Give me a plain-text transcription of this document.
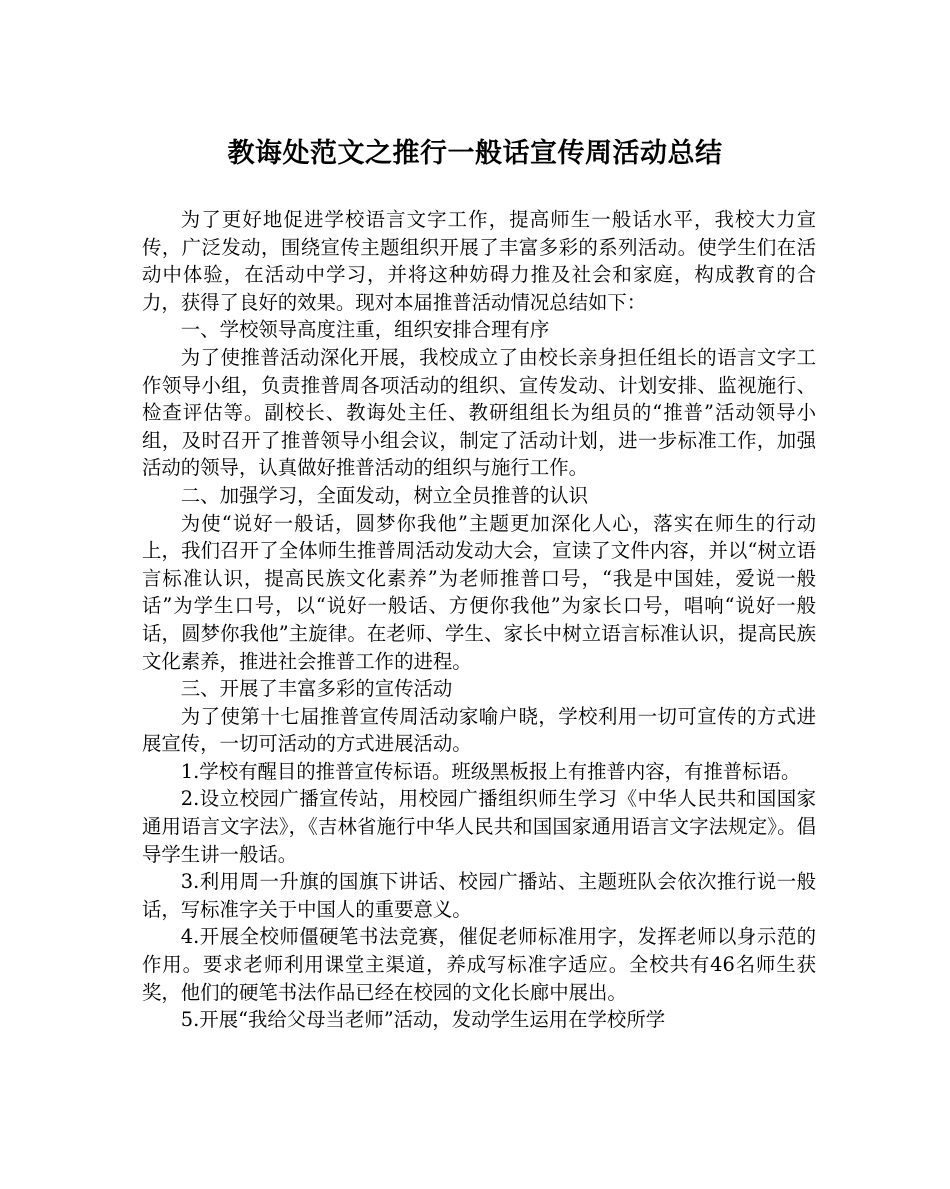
教诲处范文之推行一般话宣传周活动总结

为了更好地促进学校语言文字工作，提高师生一般话水平，我校大力宣传，广泛发动，围绕宣传主题组织开展了丰富多彩的系列活动。使学生们在活动中体验，在活动中学习，并将这种妨碍力推及社会和家庭，构成教育的合力，获得了良好的效果。现对本届推普活动情况总结如下：

一、学校领导高度注重，组织安排合理有序

为了使推普活动深化开展，我校成立了由校长亲身担任组长的语言文字工作领导小组，负责推普周各项活动的组织、宣传发动、计划安排、监视施行、检查评估等。副校长、教诲处主任、教研组组长为组员的“推普”活动领导小组，及时召开了推普领导小组会议，制定了活动计划，进一步标准工作，加强活动的领导，认真做好推普活动的组织与施行工作。

二、加强学习，全面发动，树立全员推普的认识

为使“说好一般话，圆梦你我他”主题更加深化人心，落实在师生的行动上，我们召开了全体师生推普周活动发动大会，宣读了文件内容，并以“树立语言标准认识，提高民族文化素养”为老师推普口号，“我是中国娃，爱说一般话”为学生口号，以“说好一般话、方便你我他”为家长口号，唱响“说好一般话，圆梦你我他”主旋律。在老师、学生、家长中树立语言标准认识，提高民族文化素养，推进社会推普工作的进程。

三、开展了丰富多彩的宣传活动

为了使第十七届推普宣传周活动家喻户晓，学校利用一切可宣传的方式进展宣传，一切可活动的方式进展活动。

1.学校有醒目的推普宣传标语。班级黑板报上有推普内容，有推普标语。

2.设立校园广播宣传站，用校园广播组织师生学习《中华人民共和国国家通用语言文字法》，《吉林省施行中华人民共和国国家通用语言文字法规定》。倡导学生讲一般话。

3.利用周一升旗的国旗下讲话、校园广播站、主题班队会依次推行说一般话，写标准字关于中国人的重要意义。

4.开展全校师僵硬笔书法竞赛，催促老师标准用字，发挥老师以身示范的作用。要求老师利用课堂主渠道，养成写标准字适应。全校共有46名师生获奖，他们的硬笔书法作品已经在校园的文化长廊中展出。

5.开展“我给父母当老师”活动，发动学生运用在学校所学
